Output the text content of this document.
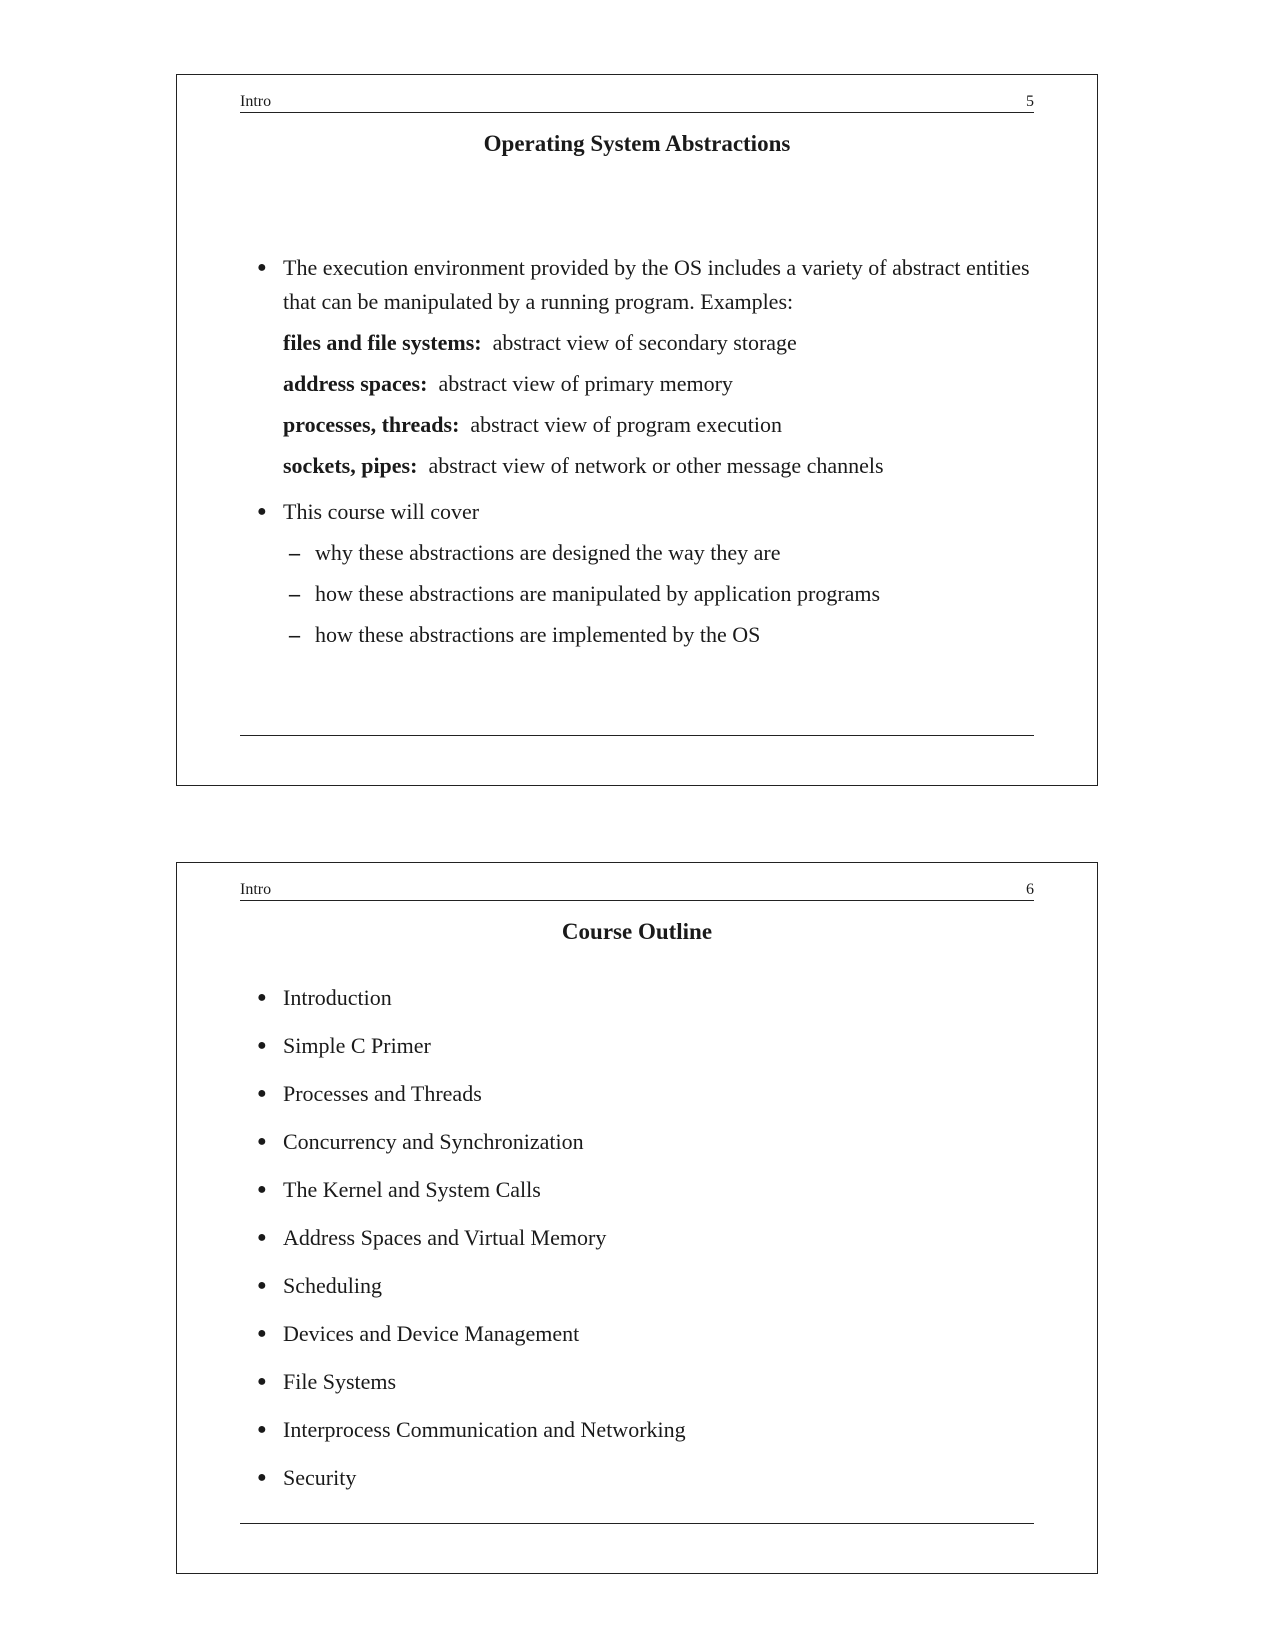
Intro	5
Operating System Abstractions
● The execution environment provided by the OS includes a variety of abstract entities that can be manipulated by a running program. Examples:
files and file systems: abstract view of secondary storage
address spaces: abstract view of primary memory
processes, threads: abstract view of program execution
sockets, pipes: abstract view of network or other message channels
● This course will cover
– why these abstractions are designed the way they are
– how these abstractions are manipulated by application programs
– how these abstractions are implemented by the OS
Intro	6
Course Outline
● Introduction
● Simple C Primer
● Processes and Threads
● Concurrency and Synchronization
● The Kernel and System Calls
● Address Spaces and Virtual Memory
● Scheduling
● Devices and Device Management
● File Systems
● Interprocess Communication and Networking
● Security
